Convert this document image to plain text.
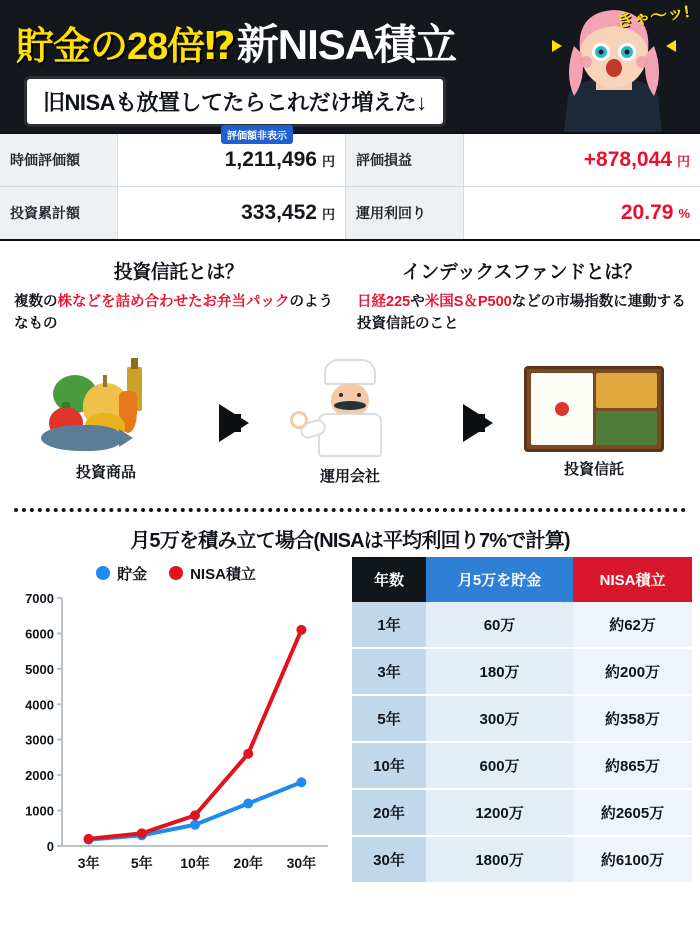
貯金の28倍⁉ 新NISA積立
旧NISAも放置してたらこれだけ増えた↓
きゃ〜ッ!
時価評価額
評価額非表示
1,211,496 円	評価損益	+878,044 円
投資累計額	333,452 円	運用利回り	20.79 %
投資信託とは？
複数の株などを詰め合わせたお弁当パックのようなもの
インデックスファンドとは？
日経225や米国S＆P500などの市場指数に連動する投資信託のこと
投資商品	運用会社	投資信託
月5万を積み立て場合(NISAは平均利回り7%で計算)
貯金	NISA積立
0
1000
2000
3000
4000
5000
6000
7000
3年 5年 10年 20年 30年
年数	月5万を貯金	NISA積立
1年	60万	約62万
3年	180万	約200万
5年	300万	約358万
10年	600万	約865万
20年	1200万	約2605万
30年	1800万	約6100万
